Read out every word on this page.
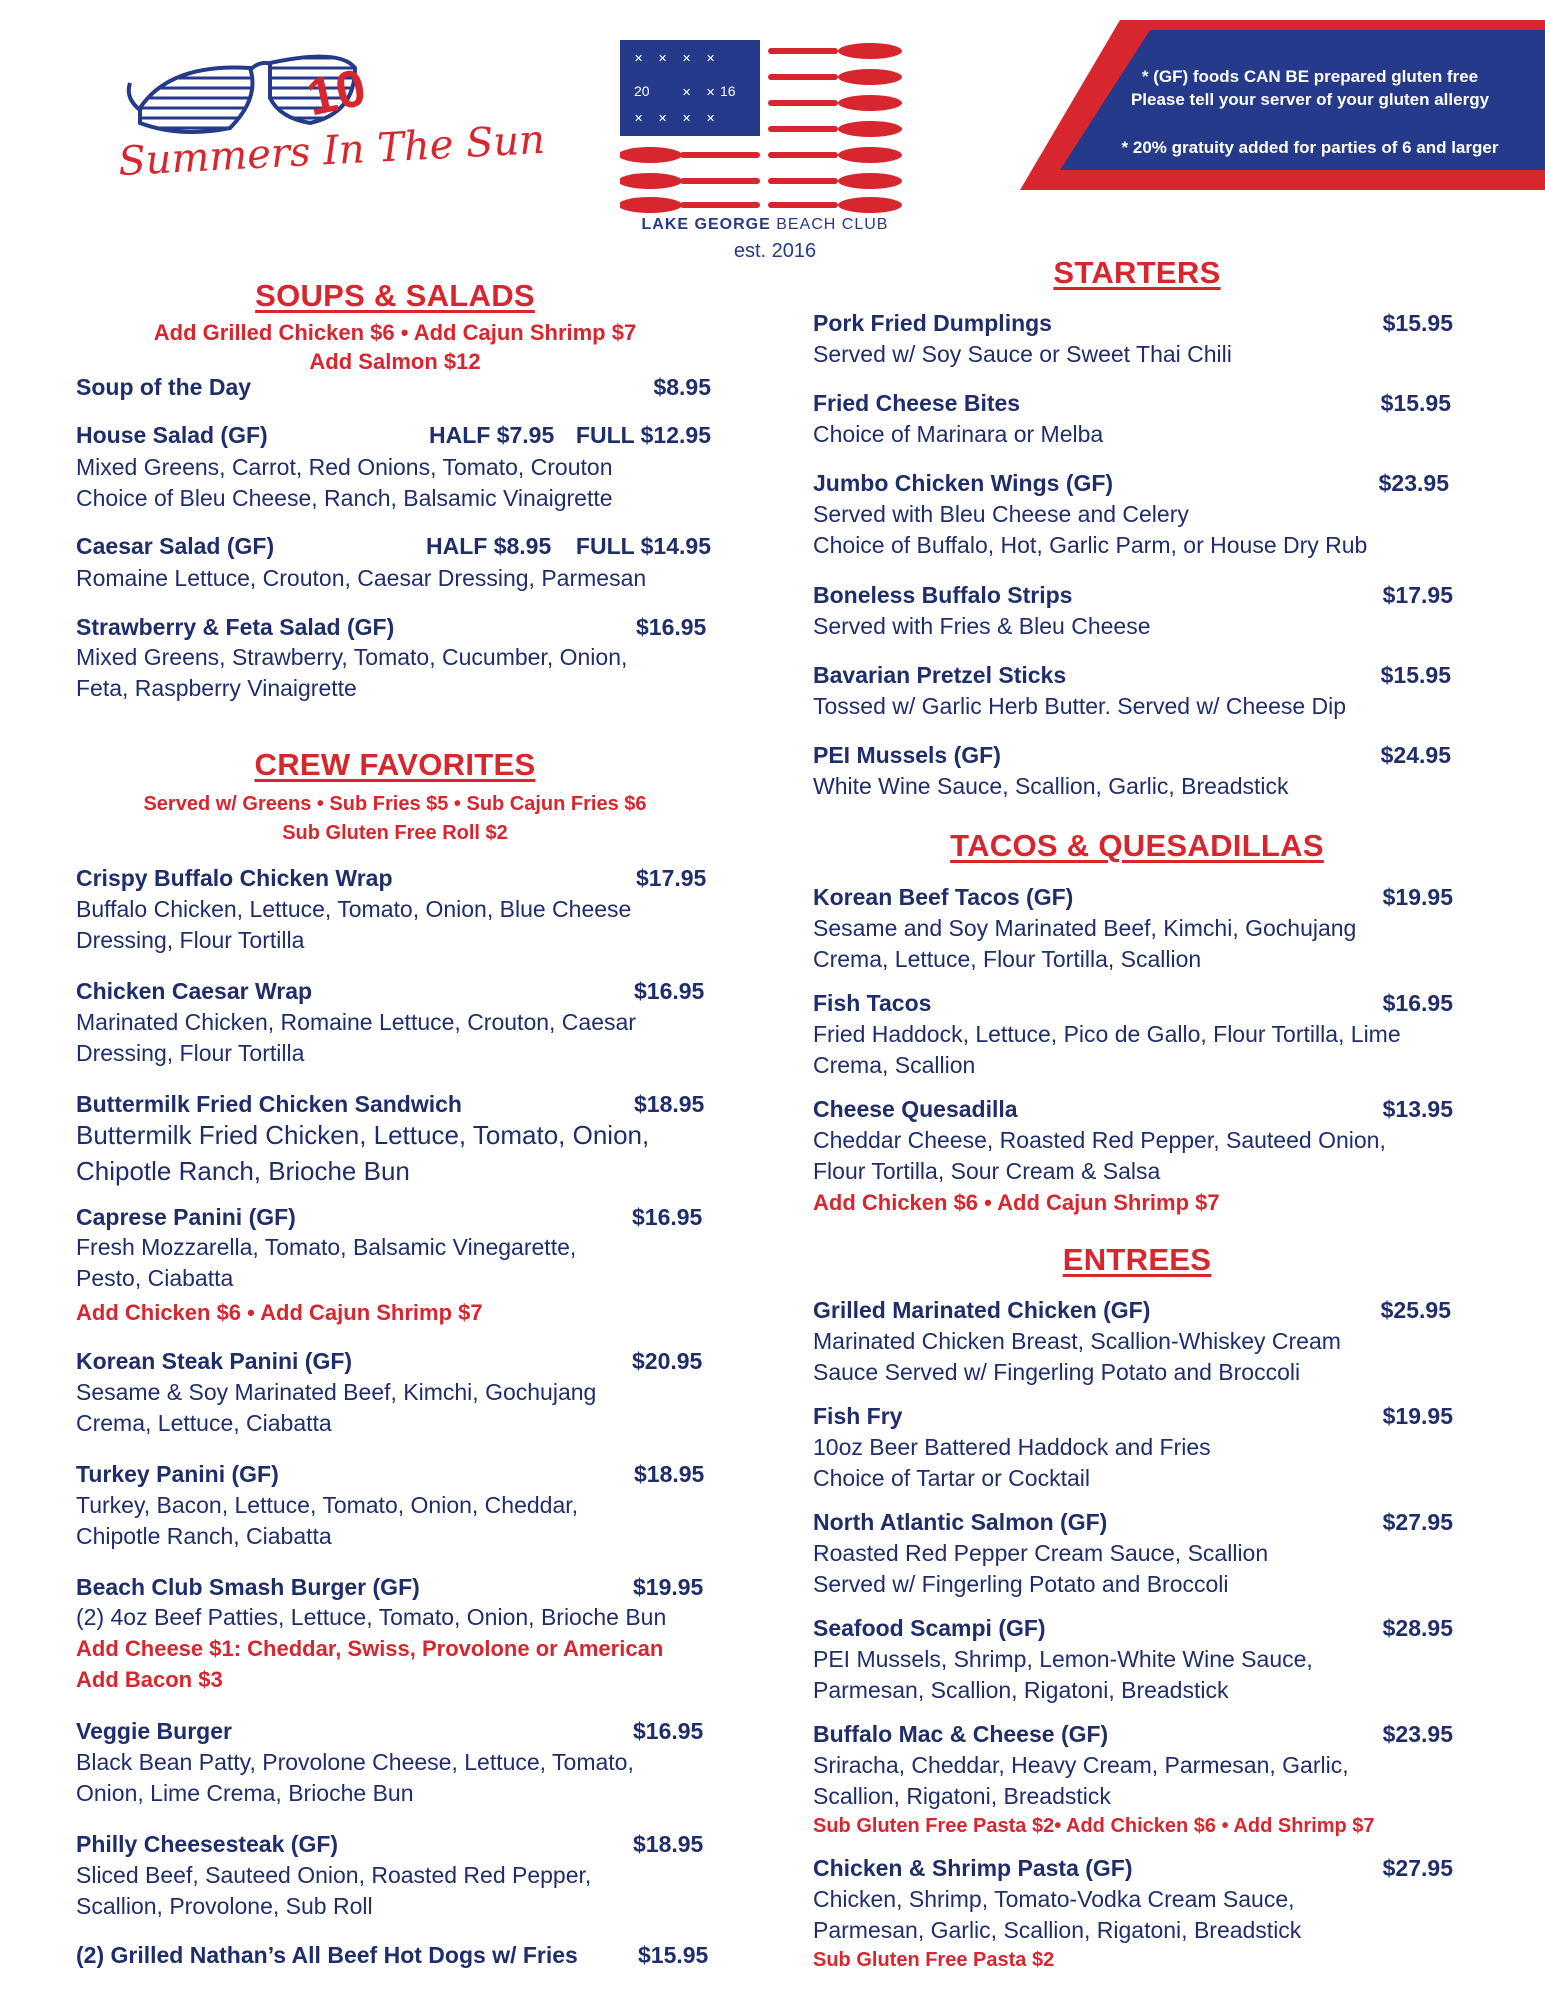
10
Summers In The Sun
✕ ✕ ✕ ✕
✕ ✕
✕ ✕ ✕ ✕
20	16
LAKE GEORGE BEACH CLUB
est. 2016
* (GF) foods CAN BE prepared gluten free
Please tell your server of your gluten allergy
* 20% gratuity added for parties of 6 and larger
SOUPS & SALADS
Add Grilled Chicken $6 • Add Cajun Shrimp $7
Add Salmon $12
Soup of the Day	$8.95
House Salad (GF)	HALF $7.95 FULL $12.95
Mixed Greens, Carrot, Red Onions, Tomato, Crouton
Choice of Bleu Cheese, Ranch, Balsamic Vinaigrette
Caesar Salad (GF)	HALF $8.95 FULL $14.95
Romaine Lettuce, Crouton, Caesar Dressing, Parmesan
Strawberry & Feta Salad (GF)	$16.95
Mixed Greens, Strawberry, Tomato, Cucumber, Onion,
Feta, Raspberry Vinaigrette
CREW FAVORITES
Served w/ Greens • Sub Fries $5 • Sub Cajun Fries $6
Sub Gluten Free Roll $2
Crispy Buffalo Chicken Wrap	$17.95
Buffalo Chicken, Lettuce, Tomato, Onion, Blue Cheese
Dressing, Flour Tortilla
Chicken Caesar Wrap	$16.95
Marinated Chicken, Romaine Lettuce, Crouton, Caesar
Dressing, Flour Tortilla
Buttermilk Fried Chicken Sandwich	$18.95
Buttermilk Fried Chicken, Lettuce, Tomato, Onion,
Chipotle Ranch, Brioche Bun
Caprese Panini (GF)	$16.95
Fresh Mozzarella, Tomato, Balsamic Vinegarette,
Pesto, Ciabatta
Add Chicken $6 • Add Cajun Shrimp $7
Korean Steak Panini (GF)	$20.95
Sesame & Soy Marinated Beef, Kimchi, Gochujang
Crema, Lettuce, Ciabatta
Turkey Panini (GF)	$18.95
Turkey, Bacon, Lettuce, Tomato, Onion, Cheddar,
Chipotle Ranch, Ciabatta
Beach Club Smash Burger (GF)	$19.95
(2) 4oz Beef Patties, Lettuce, Tomato, Onion, Brioche Bun
Add Cheese $1: Cheddar, Swiss, Provolone or American
Add Bacon $3
Veggie Burger	$16.95
Black Bean Patty, Provolone Cheese, Lettuce, Tomato,
Onion, Lime Crema, Brioche Bun
Philly Cheesesteak (GF)	$18.95
Sliced Beef, Sauteed Onion, Roasted Red Pepper,
Scallion, Provolone, Sub Roll
(2) Grilled Nathan’s All Beef Hot Dogs w/ Fries	$15.95
STARTERS
Pork Fried Dumplings	$15.95
Served w/ Soy Sauce or Sweet Thai Chili
Fried Cheese Bites	$15.95
Choice of Marinara or Melba
Jumbo Chicken Wings (GF)	$23.95
Served with Bleu Cheese and Celery
Choice of Buffalo, Hot, Garlic Parm, or House Dry Rub
Boneless Buffalo Strips	$17.95
Served with Fries & Bleu Cheese
Bavarian Pretzel Sticks	$15.95
Tossed w/ Garlic Herb Butter. Served w/ Cheese Dip
PEI Mussels (GF)	$24.95
White Wine Sauce, Scallion, Garlic, Breadstick
TACOS & QUESADILLAS
Korean Beef Tacos (GF)	$19.95
Sesame and Soy Marinated Beef, Kimchi, Gochujang
Crema, Lettuce, Flour Tortilla, Scallion
Fish Tacos	$16.95
Fried Haddock, Lettuce, Pico de Gallo, Flour Tortilla, Lime
Crema, Scallion
Cheese Quesadilla	$13.95
Cheddar Cheese, Roasted Red Pepper, Sauteed Onion,
Flour Tortilla, Sour Cream & Salsa
Add Chicken $6 • Add Cajun Shrimp $7
ENTREES
Grilled Marinated Chicken (GF)	$25.95
Marinated Chicken Breast, Scallion-Whiskey Cream
Sauce Served w/ Fingerling Potato and Broccoli
Fish Fry	$19.95
10oz Beer Battered Haddock and Fries
Choice of Tartar or Cocktail
North Atlantic Salmon (GF)	$27.95
Roasted Red Pepper Cream Sauce, Scallion
Served w/ Fingerling Potato and Broccoli
Seafood Scampi (GF)	$28.95
PEI Mussels, Shrimp, Lemon-White Wine Sauce,
Parmesan, Scallion, Rigatoni, Breadstick
Buffalo Mac & Cheese (GF)	$23.95
Sriracha, Cheddar, Heavy Cream, Parmesan, Garlic,
Scallion, Rigatoni, Breadstick
Sub Gluten Free Pasta $2• Add Chicken $6 • Add Shrimp $7
Chicken & Shrimp Pasta (GF)	$27.95
Chicken, Shrimp, Tomato-Vodka Cream Sauce,
Parmesan, Garlic, Scallion, Rigatoni, Breadstick
Sub Gluten Free Pasta $2
